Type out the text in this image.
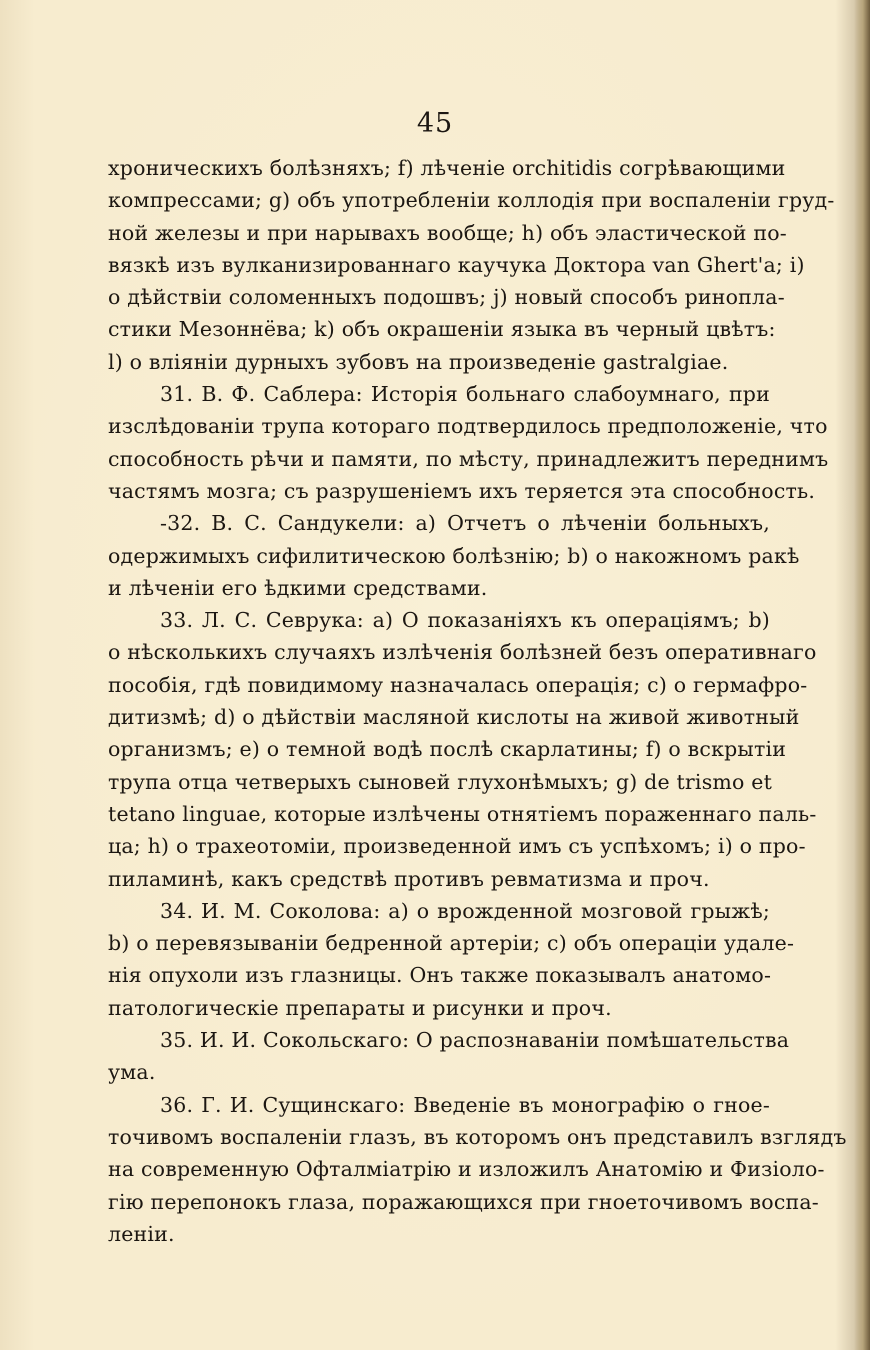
45
хроническихъ болѣзняхъ; f) лѣченіе orchitidis согрѣвающими
компрессами; g) объ употребленіи коллодія при воспаленіи груд-
ной железы и при нарывахъ вообще; h) объ эластической по-
вязкѣ изъ вулканизированнаго каучука Доктора van Ghert'a; i)
о дѣйствіи соломенныхъ подошвъ; j) новый способъ ринопла-
стики Мезоннёва; k) объ окрашеніи языка въ черный цвѣтъ:
l) о вліяніи дурныхъ зубовъ на произведеніе gastralgiae.
31. В. Ф. Саблера: Исторія больнаго слабоумнаго, при
изслѣдованіи трупа котораго подтвердилось предположеніе, что
способность рѣчи и памяти, по мѣсту, принадлежитъ переднимъ
частямъ мозга; съ разрушеніемъ ихъ теряется эта способность.
-32. В. С. Сандукели: a) Отчетъ о лѣченіи больныхъ,
одержимыхъ сифилитическою болѣзнію; b) о накожномъ ракѣ
и лѣченіи его ѣдкими средствами.
33. Л. С. Севрука: a) О показаніяхъ къ операціямъ; b)
о нѣсколькихъ случаяхъ излѣченія болѣзней безъ оперативнаго
пособія, гдѣ повидимому назначалась операція; c) о гермафро-
дитизмѣ; d) о дѣйствіи масляной кислоты на живой животный
организмъ; e) о темной водѣ послѣ скарлатины; f) о вскрытіи
трупа отца четверыхъ сыновей глухонѣмыхъ; g) de trismo et
tetano linguae, которые излѣчены отнятіемъ пораженнаго паль-
ца; h) о трахеотоміи, произведенной имъ съ успѣхомъ; i) о про-
пиламинѣ, какъ средствѣ противъ ревматизма и проч.
34. И. М. Соколова: a) о врожденной мозговой грыжѣ;
b) о перевязываніи бедренной артеріи; c) объ операціи удале-
нія опухоли изъ глазницы. Онъ также показывалъ анатомо-
патологическіе препараты и рисунки и проч.
35. И. И. Сокольскаго: О распознаваніи помѣшательства
ума.
36. Г. И. Сущинскаго: Введеніе въ монографію о гное-
точивомъ воспаленіи глазъ, въ которомъ онъ представилъ взглядъ
на современную Офталміатрію и изложилъ Анатомію и Физіоло-
гію перепонокъ глаза, поражающихся при гноеточивомъ воспа-
леніи.
